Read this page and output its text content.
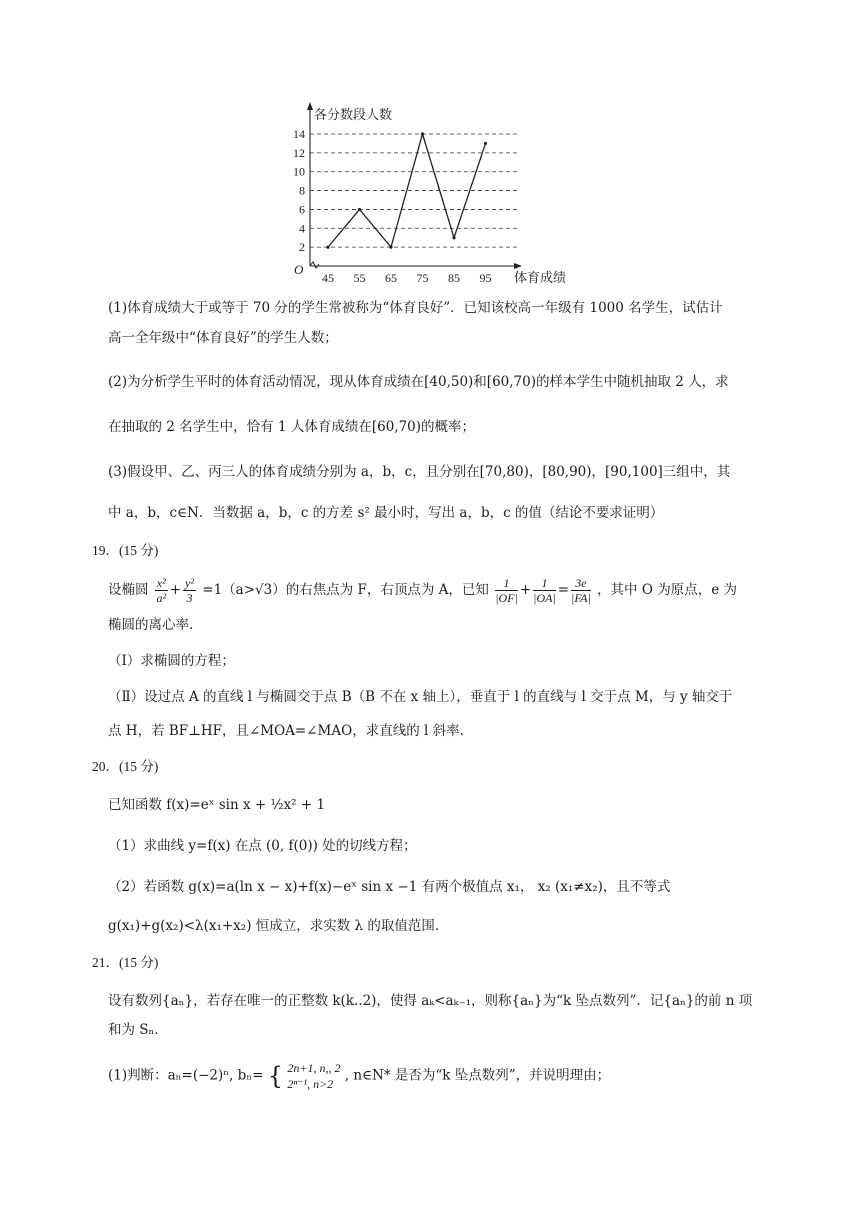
各分数段人数
体育成绩
O
2
4
6
8
10
12
14
45 55 65 75 85 95
(1)体育成绩大于或等于 70 分的学生常被称为“体育良好”．已知该校高一年级有 1000 名学生，试估计
高一全年级中“体育良好”的学生人数；
(2)为分析学生平时的体育活动情况，现从体育成绩在[40,50)和[60,70)的样本学生中随机抽取 2 人，求
在抽取的 2 名学生中，恰有 1 人体育成绩在[60,70)的概率；
(3)假设甲、乙、丙三人的体育成绩分别为 a，b，c，且分别在[70,80)，[80,90)，[90,100]三组中，其
中 a，b，c∈N．当数据 a，b，c 的方差 s² 最小时，写出 a，b，c 的值（结论不要求证明）
19．(15 分)
设椭圆 $\frac{\text{x²}}{\text{a²}} + \frac{\text{y²}}{3} =1(a>√3)$的右焦点为 F，右顶点为 A，已知 $\frac{1}{|OF|} + \frac{1}{|OA|} = \frac{3e}{|FA|}$ ，其中 O 为原点，e 为
椭圆的离心率.
（Ⅰ）求椭圆的方程；
（Ⅱ）设过点 A 的直线 l 与椭圆交于点 B（B 不在 x 轴上），垂直于 l 的直线与 l 交于点 M，与 y 轴交于
点 H，若 BF⊥HF，且∠MOA=∠MAO，求直线的 l 斜率.
20．(15 分)
已知函数 f(x)=eˣ sin x + ½x² + 1
（1）求曲线 y=f(x) 在点 (0, f(0)) 处的切线方程；
（2）若函数 g(x)=a(ln x − x)+f(x)−eˣ sin x −1 有两个极值点 x₁， x₂ (x₁≠x₂)，且不等式
g(x₁)+g(x₂)<λ(x₁+x₂) 恒成立，求实数 λ 的取值范围.
21．(15 分)
设有数列{aₙ}，若存在唯一的正整数 k(k..2)，使得 aₖ<aₖ₋₁，则称{aₙ}为“k 坠点数列”．记{aₙ}的前 n 项
和为 Sₙ．
(1)判断：aₙ=(−2)ⁿ, bₙ= { 2n+1, n,, 2
2ⁿ⁻¹, n>2
, n∈N* 是否为“k 坠点数列”，并说明理由；
